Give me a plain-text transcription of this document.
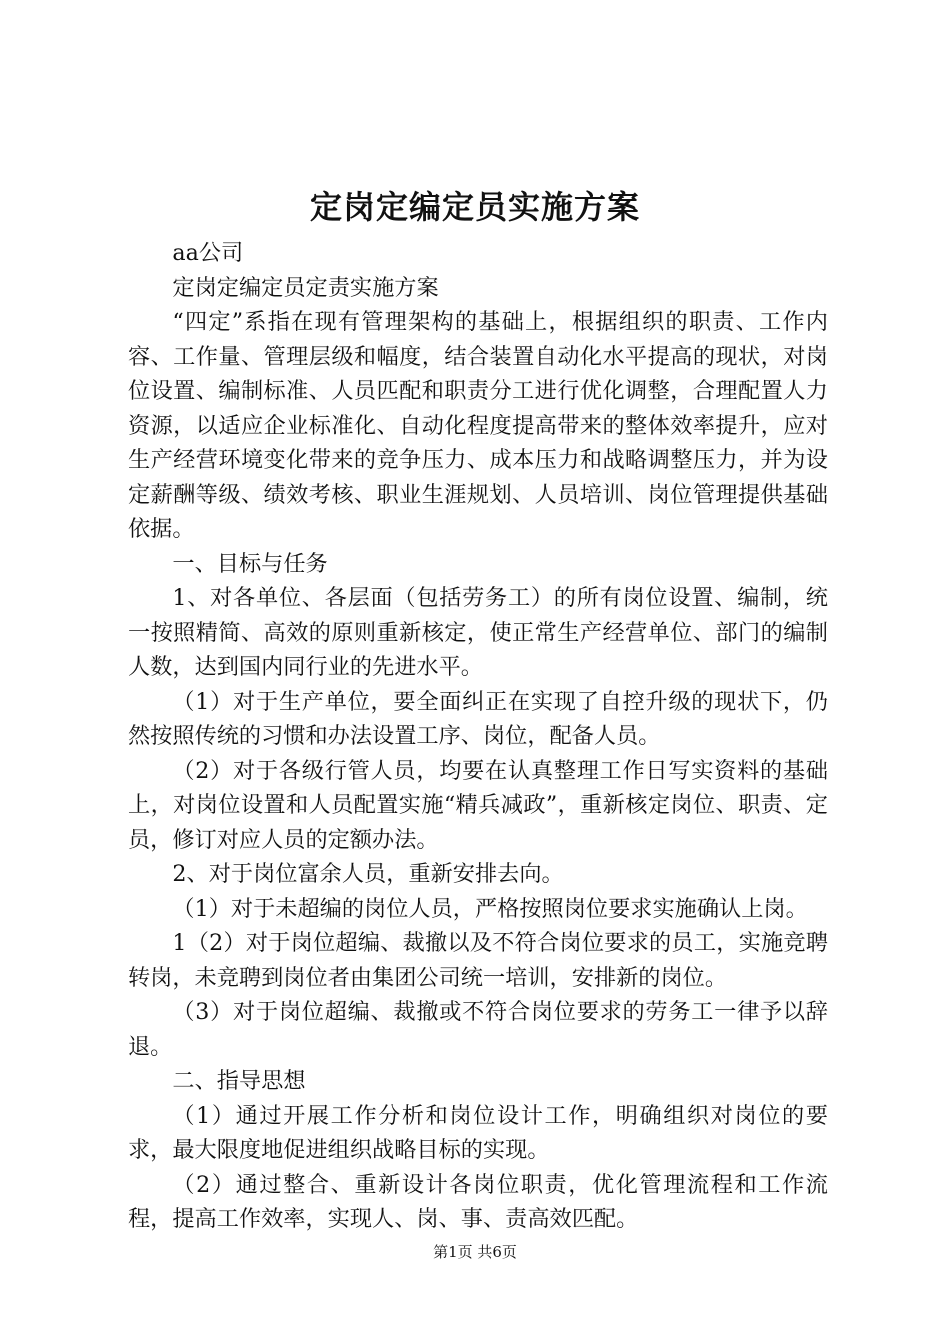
定岗定编定员实施方案

aa公司

定岗定编定员定责实施方案

“四定”系指在现有管理架构的基础上，根据组织的职责、工作内容、工作量、管理层级和幅度，结合装置自动化水平提高的现状，对岗位设置、编制标准、人员匹配和职责分工进行优化调整，合理配置人力资源，以适应企业标准化、自动化程度提高带来的整体效率提升，应对生产经营环境变化带来的竞争压力、成本压力和战略调整压力，并为设定薪酬等级、绩效考核、职业生涯规划、人员培训、岗位管理提供基础依据。

一、目标与任务

1、对各单位、各层面（包括劳务工）的所有岗位设置、编制，统一按照精简、高效的原则重新核定，使正常生产经营单位、部门的编制人数，达到国内同行业的先进水平。

（1）对于生产单位，要全面纠正在实现了自控升级的现状下，仍然按照传统的习惯和办法设置工序、岗位，配备人员。

（2）对于各级行管人员，均要在认真整理工作日写实资料的基础上，对岗位设置和人员配置实施“精兵减政”，重新核定岗位、职责、定员，修订对应人员的定额办法。

2、对于岗位富余人员，重新安排去向。

（1）对于未超编的岗位人员，严格按照岗位要求实施确认上岗。

1（2）对于岗位超编、裁撤以及不符合岗位要求的员工，实施竞聘转岗，未竞聘到岗位者由集团公司统一培训，安排新的岗位。

（3）对于岗位超编、裁撤或不符合岗位要求的劳务工一律予以辞退。

二、指导思想

（1）通过开展工作分析和岗位设计工作，明确组织对岗位的要求，最大限度地促进组织战略目标的实现。

（2）通过整合、重新设计各岗位职责，优化管理流程和工作流程，提高工作效率，实现人、岗、事、责高效匹配。

第1页 共6页
